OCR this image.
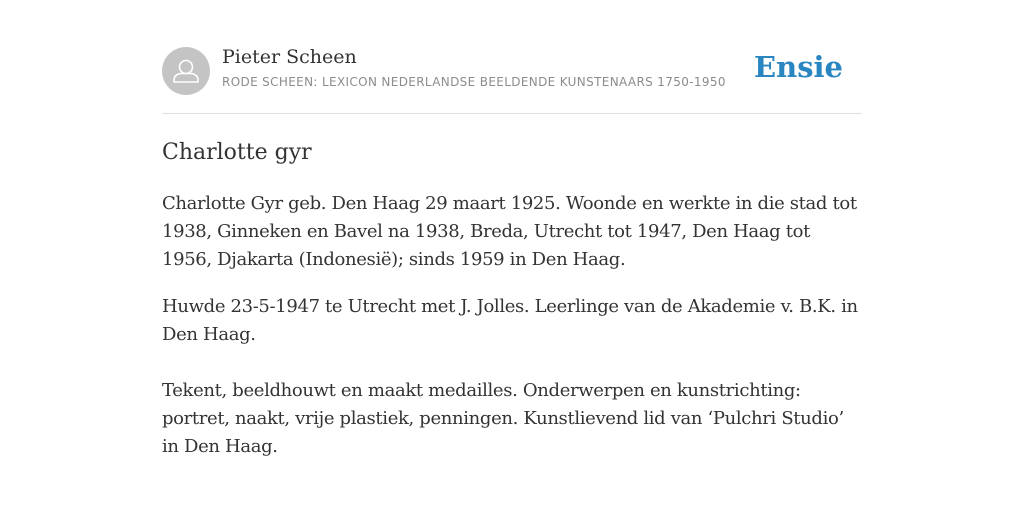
Pieter Scheen
RODE SCHEEN: LEXICON NEDERLANDSE BEELDENDE KUNSTENAARS 1750-1950 Ensie
Charlotte gyr

Charlotte Gyr geb. Den Haag 29 maart 1925. Woonde en werkte in die stad tot 1938, Ginneken en Bavel na 1938, Breda, Utrecht tot 1947, Den Haag tot 1956, Djakarta (Indonesië); sinds 1959 in Den Haag.

Huwde 23-5-1947 te Utrecht met J. Jolles. Leerlinge van de Akademie v. B.K. in Den Haag.

Tekent, beeldhouwt en maakt medailles. Onderwerpen en kunstrichting: portret, naakt, vrije plastiek, penningen. Kunstlievend lid van ‘Pulchri Studio’ in Den Haag.
